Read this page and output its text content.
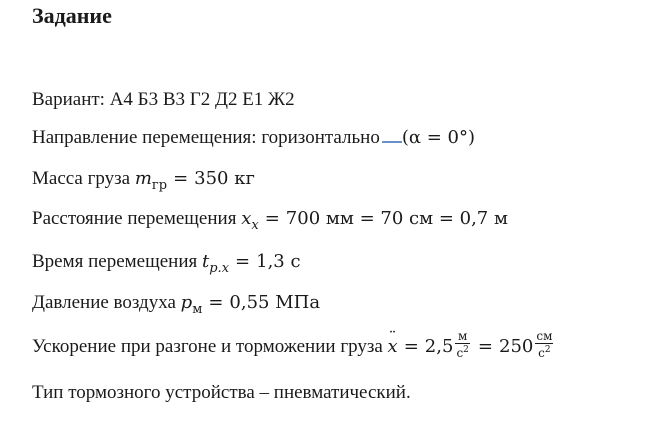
Задание
Вариант: А4 Б3 В3 Г2 Д2 Е1 Ж2
Направление перемещения: горизонтально (α = 0°)
Масса груза $m_{гр} = 350$ кг
Расстояние перемещения $x_x = 700$ мм = 70 см = 0,7 м
Время перемещения $t_{p.x} = 1,3$ с
Давление воздуха $p_м = 0,55$ МПа
Ускорение при разгоне и торможении груза ¨ $x = 2,5 \frac{м}{с^2} = 250 \frac{см}{с^2}$
Тип тормозного устройства – пневматический.
